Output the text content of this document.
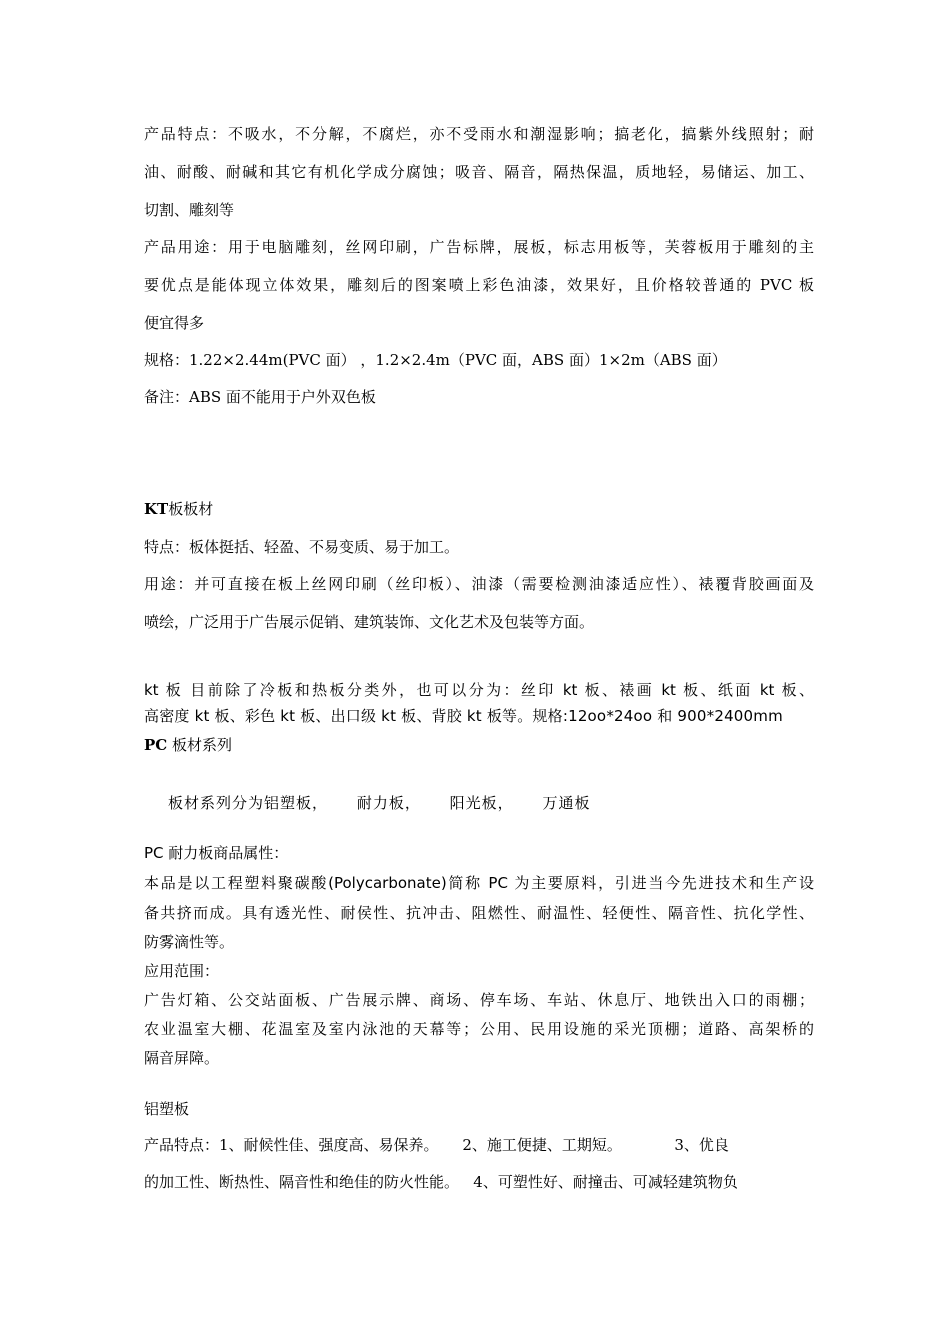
产品特点：不吸水，不分解，不腐烂，亦不受雨水和潮湿影响；搞老化，搞紫外线照射；耐
油、耐酸、耐碱和其它有机化学成分腐蚀；吸音、隔音，隔热保温，质地轻，易储运、加工、
切割、雕刻等
产品用途：用于电脑雕刻，丝网印刷，广告标牌，展板，标志用板等，芙蓉板用于雕刻的主
要优点是能体现立体效果，雕刻后的图案喷上彩色油漆，效果好，且价格较普通的 PVC 板
便宜得多
规格：1.22×2.44m(PVC 面） ，1.2×2.4m（PVC 面，ABS 面）1×2m（ABS 面）
备注：ABS 面不能用于户外双色板
KT板板材
特点：板体挺括、轻盈、不易变质、易于加工。
用途：并可直接在板上丝网印刷（丝印板）、油漆（需要检测油漆适应性）、裱覆背胶画面及
喷绘，广泛用于广告展示促销、建筑装饰、文化艺术及包装等方面。
kt 板 目前除了冷板和热板分类外，也可以分为：丝印 kt 板、裱画 kt 板、纸面 kt 板、
高密度 kt 板、彩色 kt 板、出口级 kt 板、背胶 kt 板等。规格:12oo*24oo 和 900*2400mm
PC 板材系列
板材系列分为铝塑板，     耐力板，     阳光板，     万通板
PC 耐力板商品属性：
本品是以工程塑料聚碳酸(Polycarbonate)简称 PC 为主要原料，引进当今先进技术和生产设
备共挤而成。具有透光性、耐侯性、抗冲击、阻燃性、耐温性、轻便性、隔音性、抗化学性、
防雾滴性等。
应用范围：
广告灯箱、公交站面板、广告展示牌、商场、停车场、车站、休息厅、地铁出入口的雨棚；
农业温室大棚、花温室及室内泳池的天幕等；公用、民用设施的采光顶棚；道路、高架桥的
隔音屏障。
铝塑板
产品特点：1、耐候性佳、强度高、易保养。     2、施工便捷、工期短。           3、优良
的加工性、断热性、隔音性和绝佳的防火性能。   4、可塑性好、耐撞击、可减轻建筑物负
